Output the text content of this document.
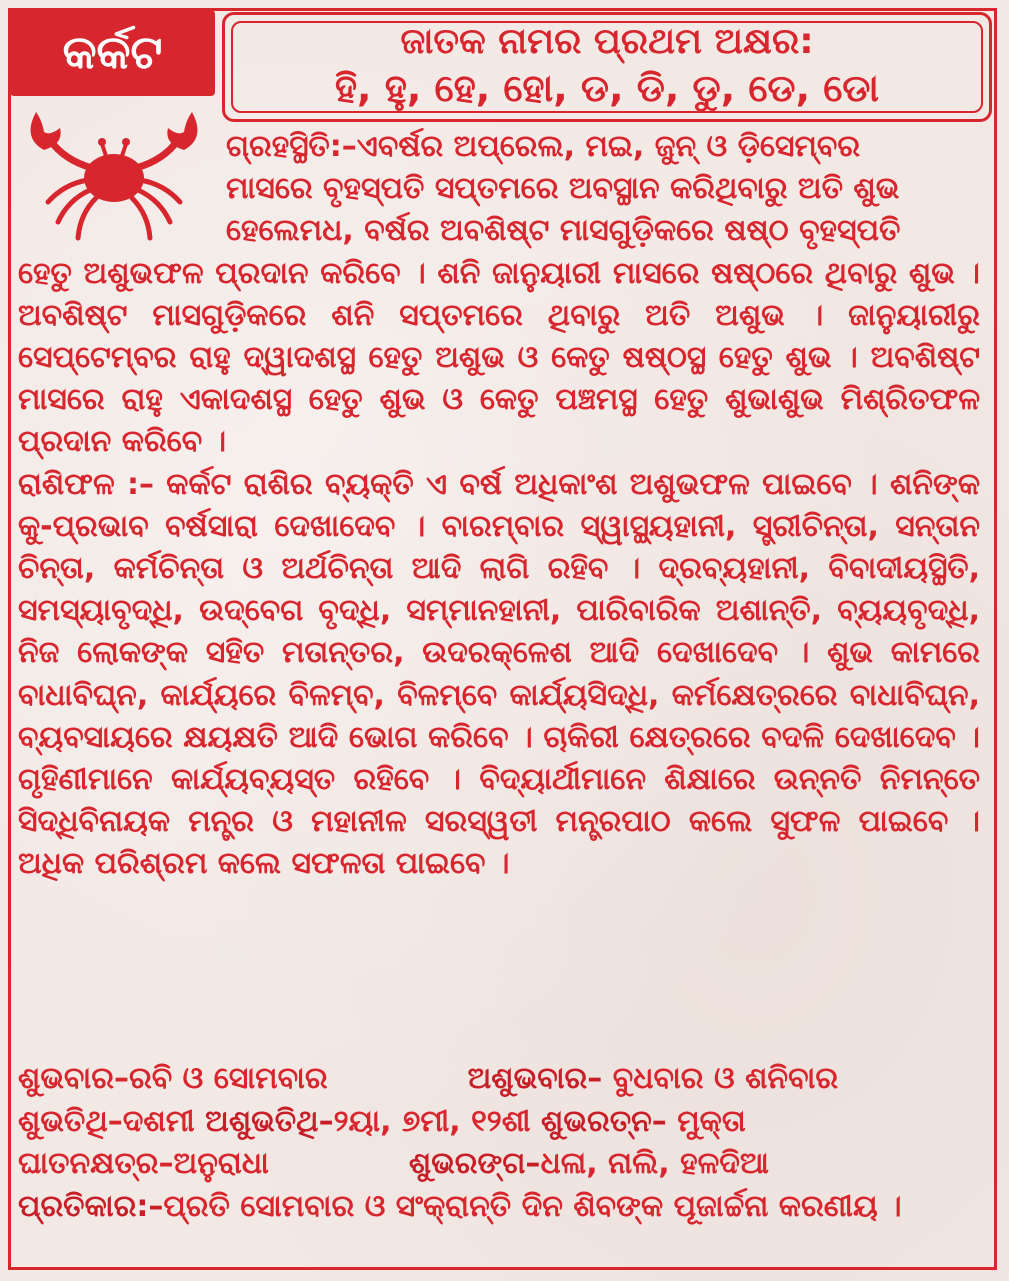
କର୍କଟ	ଜାତକ ନାମର ପ୍ରଥମ ଅକ୍ଷର:
ହି, ହୁ, ହେ, ହୋ, ଡ, ଡି, ଡୁ, ଡେ, ଡୋ
ଗ୍ରହସ୍ଥିତି:–ଏବର୍ଷର ଅପ୍ରେଲ, ମଇ, ଜୁନ୍ ଓ ଡ଼ିସେମ୍ବର
ମାସରେ ବୃହସ୍ପତି ସପ୍ତମରେ ଅବସ୍ଥାନ କରିଥିବାରୁ ଅତି ଶୁଭ
ହେଲେମଧ, ବର୍ଷର ଅବଶିଷ୍ଟ ମାସଗୁଡ଼ିକରେ ଷଷ୍ଠ ବୃହସ୍ପତି
ହେତୁ ଅଶୁଭଫଳ ପ୍ରଦାନ କରିବେ । ଶନି ଜାନୁୟାରୀ ମାସରେ ଷଷ୍ଠରେ ଥିବାରୁ ଶୁଭ । ଅବଶିଷ୍ଟ ମାସଗୁଡ଼ିକରେ ଶନି ସପ୍ତମରେ ଥିବାରୁ ଅତି ଅଶୁଭ । ଜାନୁୟାରୀରୁ ସେପ୍ଟେମ୍ବର ରାହୁ ଦ୍ୱାଦଶସ୍ଥ ହେତୁ ଅଶୁଭ ଓ କେତୁ ଷଷ୍ଠସ୍ଥ ହେତୁ ଶୁଭ । ଅବଶିଷ୍ଟ ମାସରେ ରାହୁ ଏକାଦଶସ୍ଥ ହେତୁ ଶୁଭ ଓ କେତୁ ପଞ୍ଚମସ୍ଥ ହେତୁ ଶୁଭାଶୁଭ ମିଶ୍ରିତଫଳ ପ୍ରଦାନ କରିବେ ।
ରାଶିଫଳ :– କର୍କଟ ରାଶିର ବ୍ୟକ୍ତି ଏ ବର୍ଷ ଅଧିକାଂଶ ଅଶୁଭଫଳ ପାଇବେ । ଶନିଙ୍କ କୁ-ପ୍ରଭାବ ବର୍ଷସାରା ଦେଖାଦେବ । ବାରମ୍ବାର ସ୍ୱାସ୍ଥ୍ୟହାନୀ, ସ୍ତ୍ରୀଚିନ୍ତା, ସନ୍ତାନ ଚିନ୍ତା, କର୍ମଚିନ୍ତା ଓ ଅର୍ଥଚିନ୍ତା ଆଦି ଲାଗି ରହିବ । ଦ୍ରବ୍ୟହାନୀ, ବିବାଦୀୟସ୍ଥିତି, ସମସ୍ୟାବୃଦ୍ଧି, ଉଦ୍‌ବେଗ ବୃଦ୍ଧି, ସମ୍ମାନହାନୀ, ପାରିବାରିକ ଅଶାନ୍ତି, ବ୍ୟୟବୃଦ୍ଧି, ନିଜ ଲୋକଙ୍କ ସହିତ ମତାନ୍ତର, ଉଦରକ୍ଳେଶ ଆଦି ଦେଖାଦେବ । ଶୁଭ କାମରେ ବାଧାବିଘ୍ନ, କାର୍ଯ୍ୟରେ ବିଳମ୍ବ, ବିଳମ୍ବେ କାର୍ଯ୍ୟସିଦ୍ଧି, କର୍ମକ୍ଷେତ୍ରରେ ବାଧାବିଘ୍ନ, ବ୍ୟବସାୟରେ କ୍ଷୟକ୍ଷତି ଆଦି ଭୋଗ କରିବେ । ଚାକିରୀ କ୍ଷେତ୍ରରେ ବଦଳି ଦେଖାଦେବ । ଗୃହିଣୀମାନେ କାର୍ଯ୍ୟବ୍ୟସ୍ତ ରହିବେ । ବିଦ୍ୟାର୍ଥୀମାନେ ଶିକ୍ଷାରେ ଉନ୍ନତି ନିମନ୍ତେ ସିଦ୍ଧିବିନାୟକ ମନ୍ତ୍ର ଓ ମହାନୀଳ ସରସ୍ୱତୀ ମନ୍ତ୍ରପାଠ କଲେ ସୁଫଳ ପାଇବେ । ଅଧିକ ପରିଶ୍ରମ କଲେ ସଫଳତା ପାଇବେ ।
ଶୁଭବାର–ରବି ଓ ସୋମବାର	ଅଶୁଭବାର– ବୁଧବାର ଓ ଶନିବାର
ଶୁଭତିଥି–ଦଶମୀ ଅଶୁଭତିଥି–୨ୟା, ୭ମୀ, ୧୨ଶୀ ଶୁଭରତ୍ନ– ମୁକ୍ତା
ଘାତନକ୍ଷତ୍ର–ଅନୁରାଧା	ଶୁଭରଙ୍ଗ–ଧଳା, ନାଲି, ହଳଦିଆ
ପ୍ରତିକାର:–ପ୍ରତି ସୋମବାର ଓ ସଂକ୍ରାନ୍ତି ଦିନ ଶିବଙ୍କ ପୂଜାର୍ଚ୍ଚନା କରଣୀୟ ।
